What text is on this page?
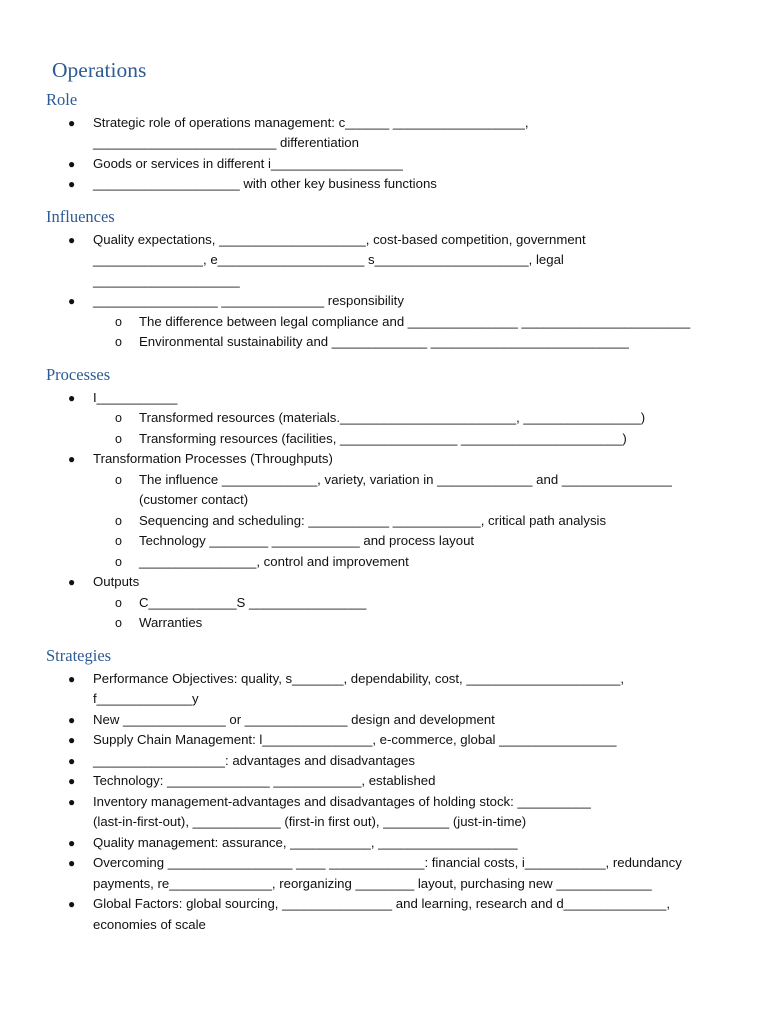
Operations
Role
● Strategic role of operations management: c______ __________________,
_________________________ differentiation
● Goods or services in different i__________________
● ____________________ with other key business functions
Influences
● Quality expectations, ____________________, cost-based competition, government
_______________, e____________________ s_____________________, legal
____________________
● _________________ ______________ responsibility
o The difference between legal compliance and _______________ _______________________
o Environmental sustainability and _____________ ___________________________
Processes
● I___________
o Transformed resources (materials.________________________, ________________)
o Transforming resources (facilities, ________________ ______________________)
● Transformation Processes (Throughputs)
o The influence _____________, variety, variation in _____________ and _______________
(customer contact)
o Sequencing and scheduling: ___________ ____________, critical path analysis
o Technology ________ ____________ and process layout
o ________________, control and improvement
● Outputs
o C____________S ________________
o Warranties
Strategies
● Performance Objectives: quality, s_______, dependability, cost, _____________________,
f_____________y
● New ______________ or ______________ design and development
● Supply Chain Management: l_______________, e-commerce, global ________________
● __________________: advantages and disadvantages
● Technology: ______________ ____________, established
● Inventory management-advantages and disadvantages of holding stock: __________
(last-in-first-out), ____________ (first-in first out), _________ (just-in-time)
● Quality management: assurance, ___________, ___________________
● Overcoming _________________ ____ _____________: financial costs, i___________, redundancy
payments, re______________, reorganizing ________ layout, purchasing new _____________
● Global Factors: global sourcing, _______________ and learning, research and d______________,
economies of scale
